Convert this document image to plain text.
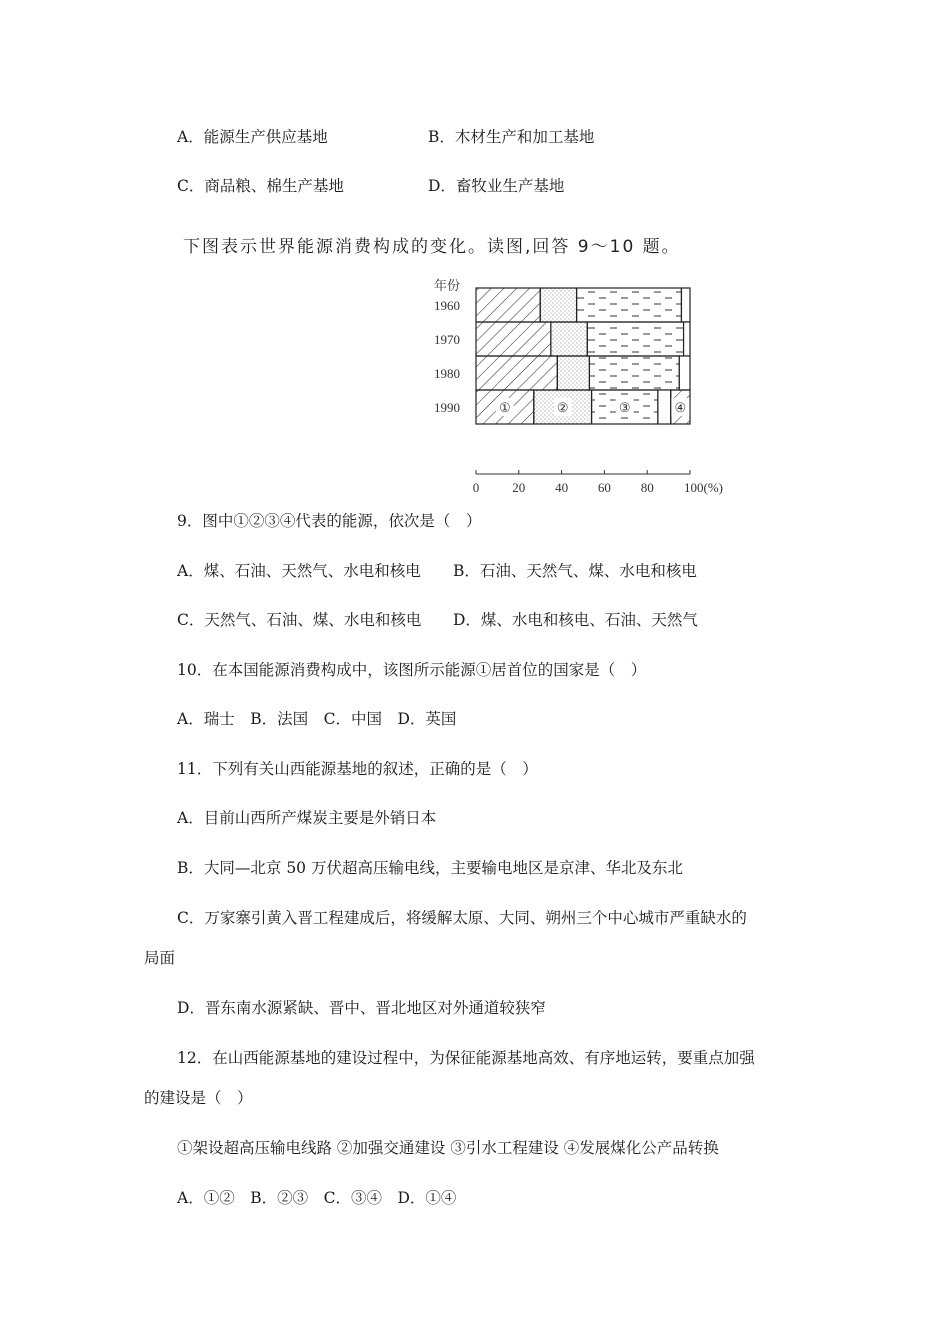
A．能源生产供应基地	B．木材生产和加工基地
C．商品粮、棉生产基地	D．畜牧业生产基地
下图表示世界能源消费构成的变化。读图,回答 9～10 题。
年份
①	②	③	④
1960
1970
1980
1990
0	20 40 60 80 100(%)
9．图中①②③④代表的能源，依次是（　）
A．煤、石油、天然气、水电和核电 B．石油、天然气、煤、水电和核电
C．天然气、石油、煤、水电和核电 D．煤、水电和核电、石油、天然气
10．在本国能源消费构成中，该图所示能源①居首位的国家是（　）
A．瑞士　B．法国　C．中国　D．英国
11．下列有关山西能源基地的叙述，正确的是（　）
A．目前山西所产煤炭主要是外销日本
B．大同—北京 50 万伏超高压输电线，主要输电地区是京津、华北及东北
C．万家寨引黄入晋工程建成后，将缓解太原、大同、朔州三个中心城市严重缺水的
局面
D．晋东南水源紧缺、晋中、晋北地区对外通道较狭窄
12．在山西能源基地的建设过程中，为保征能源基地高效、有序地运转，要重点加强
的建设是（　）
①架设超高压输电线路 ②加强交通建设 ③引水工程建设 ④发展煤化公产品转换
A．①②　B．②③　C．③④　D．①④
